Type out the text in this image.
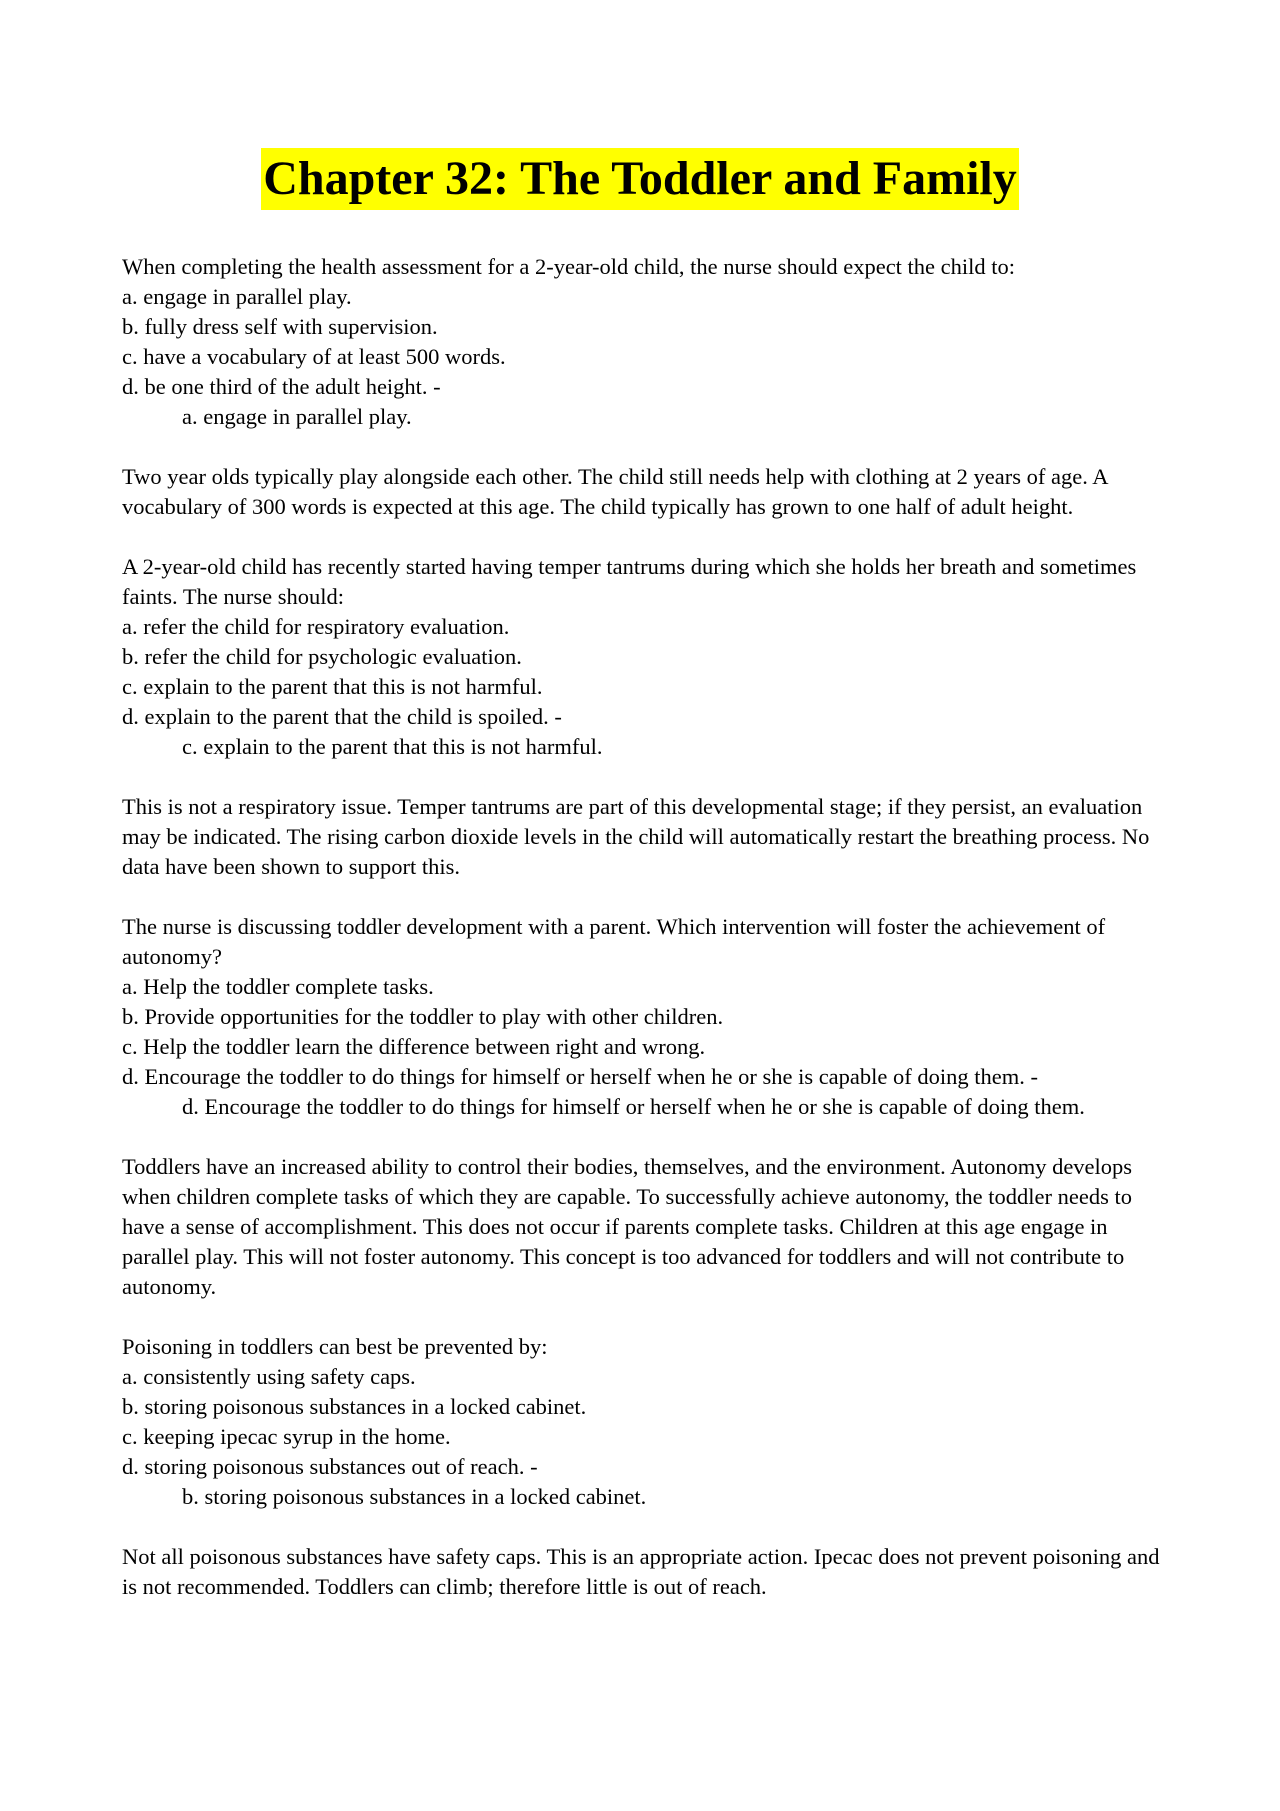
Chapter 32: The Toddler and Family
When completing the health assessment for a 2-year-old child, the nurse should expect the child to:
a. engage in parallel play.
b. fully dress self with supervision.
c. have a vocabulary of at least 500 words.
d. be one third of the adult height. -
a. engage in parallel play.
Two year olds typically play alongside each other. The child still needs help with clothing at 2 years of age. A vocabulary of 300 words is expected at this age. The child typically has grown to one half of adult height.
A 2-year-old child has recently started having temper tantrums during which she holds her breath and sometimes faints. The nurse should:
a. refer the child for respiratory evaluation.
b. refer the child for psychologic evaluation.
c. explain to the parent that this is not harmful.
d. explain to the parent that the child is spoiled. -
c. explain to the parent that this is not harmful.
This is not a respiratory issue. Temper tantrums are part of this developmental stage; if they persist, an evaluation may be indicated. The rising carbon dioxide levels in the child will automatically restart the breathing process. No data have been shown to support this.
The nurse is discussing toddler development with a parent. Which intervention will foster the achievement of autonomy?
a. Help the toddler complete tasks.
b. Provide opportunities for the toddler to play with other children.
c. Help the toddler learn the difference between right and wrong.
d. Encourage the toddler to do things for himself or herself when he or she is capable of doing them. -
d. Encourage the toddler to do things for himself or herself when he or she is capable of doing them.
Toddlers have an increased ability to control their bodies, themselves, and the environment. Autonomy develops when children complete tasks of which they are capable. To successfully achieve autonomy, the toddler needs to have a sense of accomplishment. This does not occur if parents complete tasks. Children at this age engage in parallel play. This will not foster autonomy. This concept is too advanced for toddlers and will not contribute to autonomy.
Poisoning in toddlers can best be prevented by:
a. consistently using safety caps.
b. storing poisonous substances in a locked cabinet.
c. keeping ipecac syrup in the home.
d. storing poisonous substances out of reach. -
b. storing poisonous substances in a locked cabinet.
Not all poisonous substances have safety caps. This is an appropriate action. Ipecac does not prevent poisoning and is not recommended. Toddlers can climb; therefore little is out of reach.
